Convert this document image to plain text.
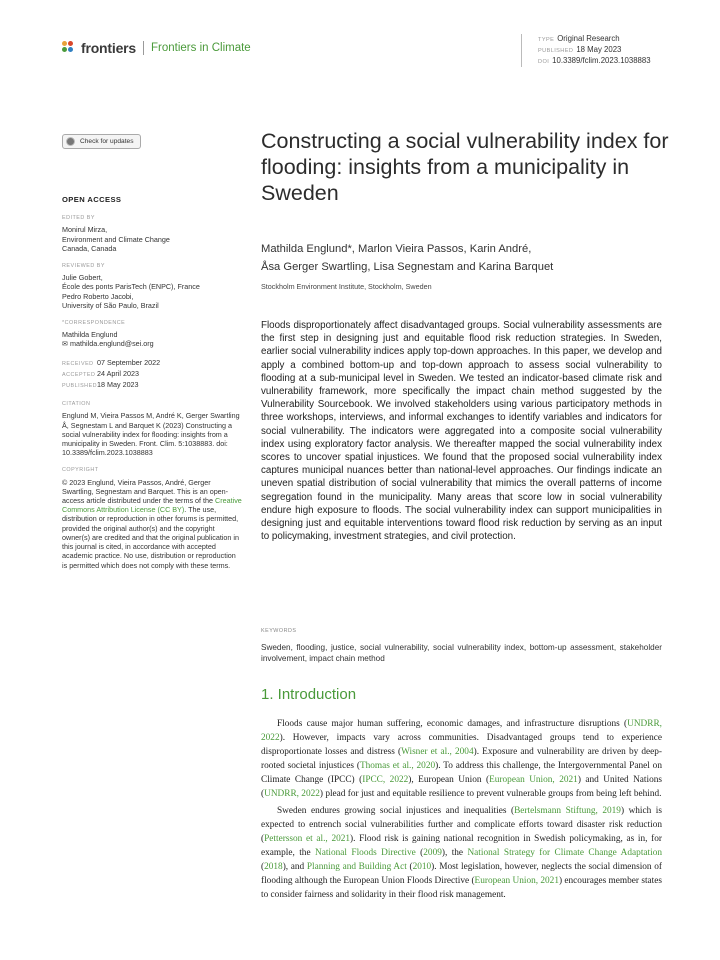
frontiers Frontiers in Climate
TYPE Original Research
PUBLISHED 18 May 2023
DOI 10.3389/fclim.2023.1038883
Check for updates
OPEN ACCESS
EDITED BY
Monirul Mirza,
Environment and Climate Change
Canada, Canada
REVIEWED BY
Julie Gobert,
École des ponts ParisTech (ENPC), France
Pedro Roberto Jacobi,
University of São Paulo, Brazil
*CORRESPONDENCE
Mathilda Englund
✉ mathilda.englund@sei.org
RECEIVED 07 September 2022
ACCEPTED 24 April 2023
PUBLISHED18 May 2023
CITATION
Englund M, Vieira Passos M, André K, Gerger Swartling Å, Segnestam L and Barquet K (2023) Constructing a social vulnerability index for flooding: insights from a municipality in Sweden. Front. Clim. 5:1038883. doi: 10.3389/fclim.2023.1038883
COPYRIGHT
© 2023 Englund, Vieira Passos, André, Gerger Swartling, Segnestam and Barquet. This is an open-access article distributed under the terms of the Creative Commons Attribution License (CC BY). The use, distribution or reproduction in other forums is permitted, provided the original author(s) and the copyright owner(s) are credited and that the original publication in this journal is cited, in accordance with accepted academic practice. No use, distribution or reproduction is permitted which does not comply with these terms.
Constructing a social vulnerability index for flooding: insights from a municipality in Sweden
Mathilda Englund*, Marlon Vieira Passos, Karin André,
Åsa Gerger Swartling, Lisa Segnestam and Karina Barquet
Stockholm Environment Institute, Stockholm, Sweden
Floods disproportionately affect disadvantaged groups. Social vulnerability assessments are the first step in designing just and equitable flood risk reduction strategies. In Sweden, earlier social vulnerability indices apply top-down approaches. In this paper, we develop and apply a combined bottom-up and top-down approach to assess social vulnerability to flooding at a sub-municipal level in Sweden. We tested an indicator-based climate risk and vulnerability framework, more specifically the impact chain method suggested by the Vulnerability Sourcebook. We involved stakeholders using various participatory methods in three workshops, interviews, and informal exchanges to identify variables and indicators for social vulnerability. The indicators were aggregated into a composite social vulnerability index using exploratory factor analysis. We thereafter mapped the social vulnerability index scores to uncover spatial injustices. We found that the proposed social vulnerability index captures municipal nuances better than national-level approaches. Our findings indicate an uneven spatial distribution of social vulnerability that mimics the overall patterns of income segregation found in the municipality. Many areas that score low in social vulnerability endure high exposure to floods. The social vulnerability index can support municipalities in designing just and equitable interventions toward flood risk reduction by serving as an input to policymaking, investment strategies, and civil protection.
KEYWORDS
Sweden, flooding, justice, social vulnerability, social vulnerability index, bottom-up assessment, stakeholder involvement, impact chain method
1. Introduction

Floods cause major human suffering, economic damages, and infrastructure disruptions (UNDRR, 2022). However, impacts vary across communities. Disadvantaged groups tend to experience disproportionate losses and distress (Wisner et al., 2004). Exposure and vulnerability are driven by deep-rooted societal injustices (Thomas et al., 2020). To address this challenge, the Intergovernmental Panel on Climate Change (IPCC) (IPCC, 2022), European Union (European Union, 2021) and United Nations (UNDRR, 2022) plead for just and equitable resilience to prevent vulnerable groups from being left behind.

Sweden endures growing social injustices and inequalities (Bertelsmann Stiftung, 2019) which is expected to entrench social vulnerabilities further and complicate efforts toward disaster risk reduction (Pettersson et al., 2021). Flood risk is gaining national recognition in Swedish policymaking, as in, for example, the National Floods Directive (2009), the National Strategy for Climate Change Adaptation (2018), and Planning and Building Act (2010). Most legislation, however, neglects the social dimension of flooding although the European Union Floods Directive (European Union, 2021) encourages member states to consider fairness and solidarity in their flood risk management.
